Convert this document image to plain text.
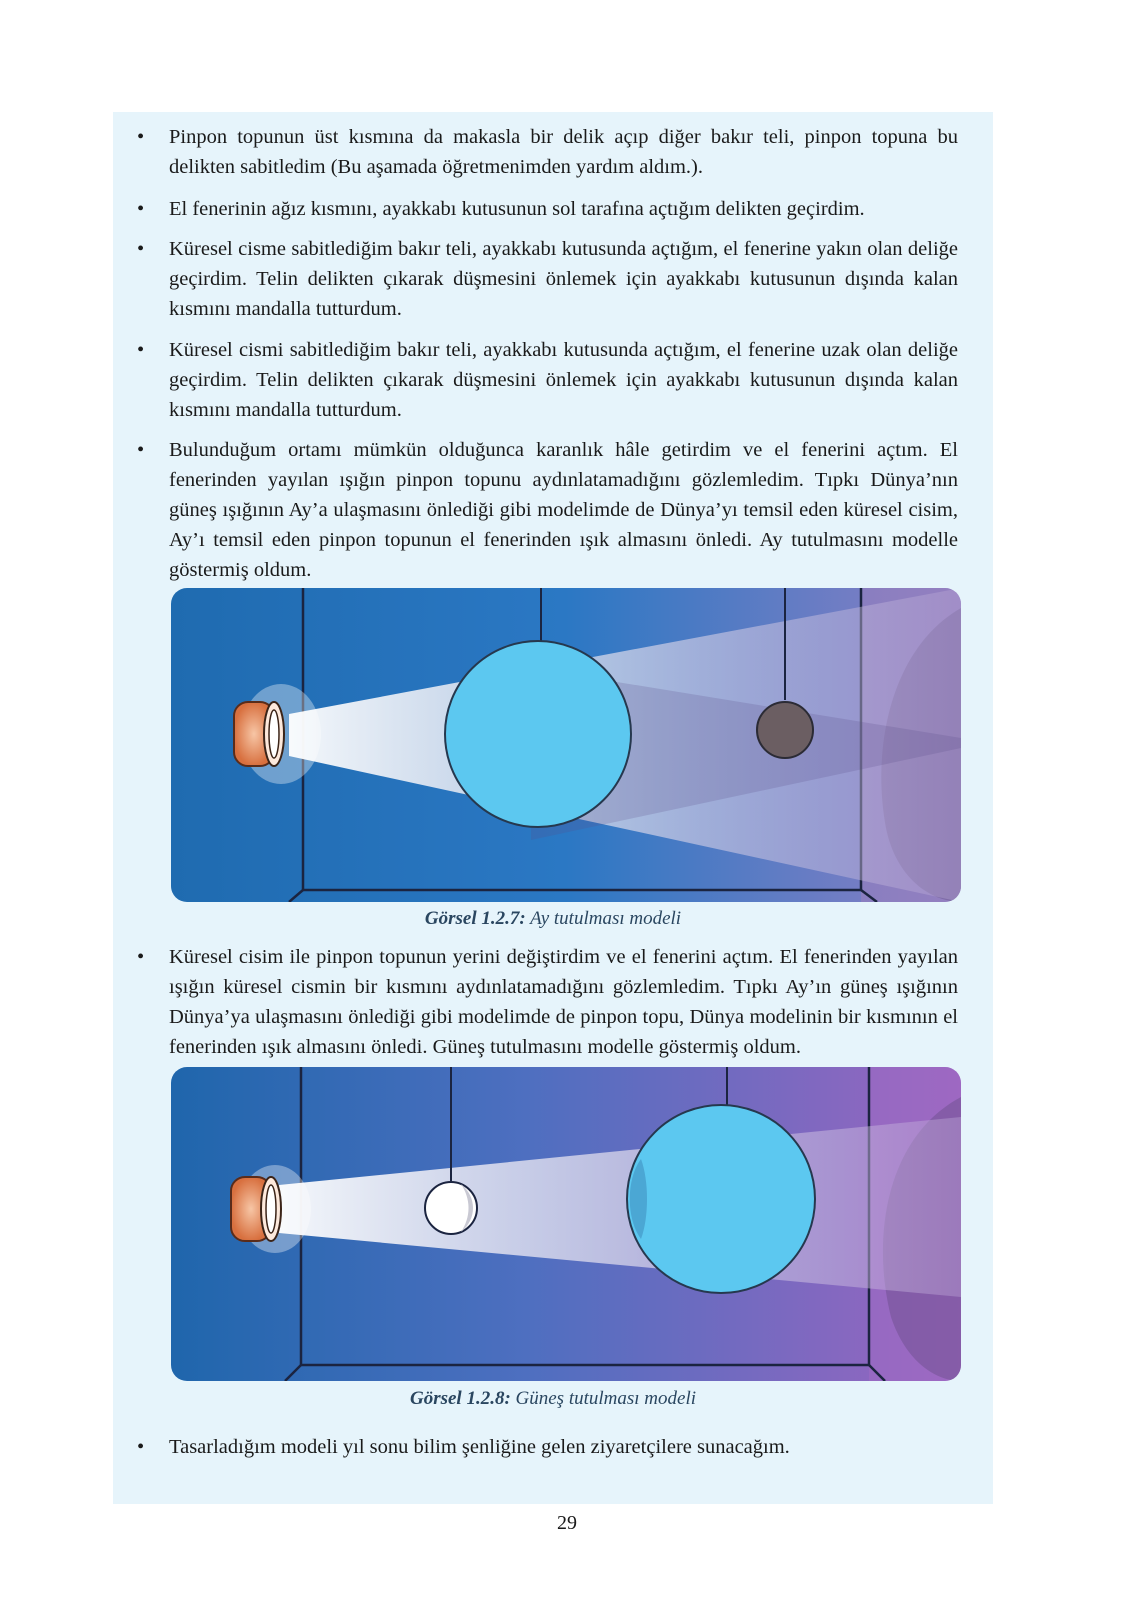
• Pinpon topunun üst kısmına da makasla bir delik açıp diğer bakır teli, pinpon topuna bu delikten sabitledim (Bu aşamada öğretmenimden yardım aldım.).
• El fenerinin ağız kısmını, ayakkabı kutusunun sol tarafına açtığım delikten geçirdim.
• Küresel cisme sabitlediğim bakır teli, ayakkabı kutusunda açtığım, el fenerine yakın olan deliğe geçirdim. Telin delikten çıkarak düşmesini önlemek için ayakkabı kutusunun dışında kalan kısmını mandalla tutturdum.
• Küresel cismi sabitlediğim bakır teli, ayakkabı kutusunda açtığım, el fenerine uzak olan deliğe geçirdim. Telin delikten çıkarak düşmesini önlemek için ayakkabı kutusunun dışında kalan kısmını mandalla tutturdum.
• Bulunduğum ortamı mümkün olduğunca karanlık hâle getirdim ve el fenerini açtım. El fenerinden yayılan ışığın pinpon topunu aydınlatamadığını gözlemledim. Tıpkı Dünya’nın güneş ışığının Ay’a ulaşmasını önlediği gibi modelimde de Dünya’yı temsil eden küresel cisim, Ay’ı temsil eden pinpon topunun el fenerinden ışık almasını önledi. Ay tutulmasını modelle göstermiş oldum.
Görsel 1.2.7: Ay tutulması modeli
• Küresel cisim ile pinpon topunun yerini değiştirdim ve el fenerini açtım. El fenerinden yayılan ışığın küresel cismin bir kısmını aydınlatamadığını gözlemledim. Tıpkı Ay’ın güneş ışığının Dünya’ya ulaşmasını önlediği gibi modelimde de pinpon topu, Dünya modelinin bir kısmının el fenerinden ışık almasını önledi. Güneş tutulmasını modelle göstermiş oldum.
Görsel 1.2.8: Güneş tutulması modeli
• Tasarladığım modeli yıl sonu bilim şenliğine gelen ziyaretçilere sunacağım.
29
